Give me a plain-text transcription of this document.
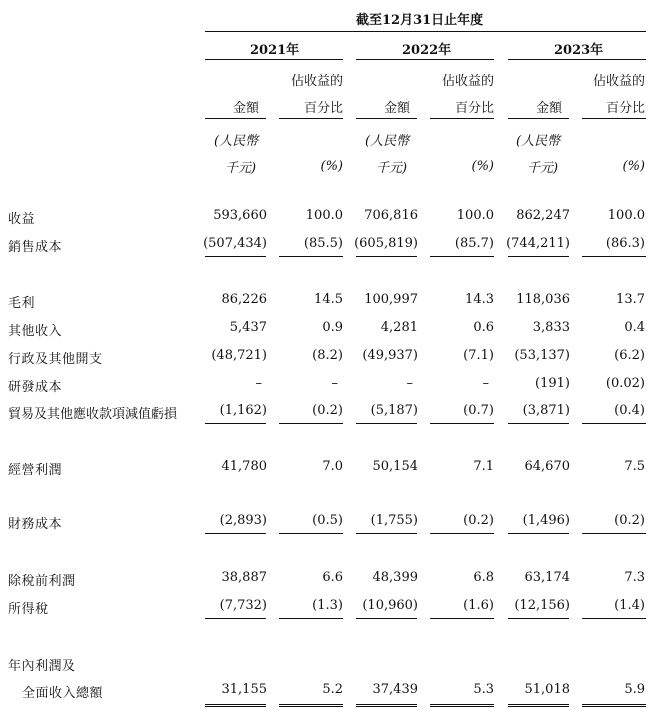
截至12月31日止年度
2021年	2022年	2023年
佔收益的	佔收益的	佔收益的
金額	百分比	金額	百分比	金額	百分比
(人民幣	(人民幣	(人民幣
千元)	(%)	千元)	(%)	千元)	(%)
收益	593,660	100.0 706,816	100.0 862,247	100.0
銷售成本	(507,434)	(85.5) (605,819)	(85.7) (744,211)	(86.3)
毛利	86,226	14.5 100,997	14.3 118,036	13.7
其他收入	5,437	0.9	4,281	0.6	3,833	0.4
行政及其他開支	(48,721)	(8.2) (49,937)	(7.1) (53,137)	(6.2)
研發成本	–	–	–	–	(191)	(0.02)
貿易及其他應收款項減值虧損	(1,162)	(0.2) (5,187)	(0.7) (3,871)	(0.4)
經營利潤	41,780	7.0 50,154	7.1 64,670	7.5
財務成本	(2,893)	(0.5) (1,755)	(0.2) (1,496)	(0.2)
除稅前利潤	38,887	6.6 48,399	6.8 63,174	7.3
所得稅	(7,732)	(1.3) (10,960)	(1.6) (12,156)	(1.4)
年內利潤及
全面收入總額	31,155	5.2 37,439	5.3 51,018	5.9
